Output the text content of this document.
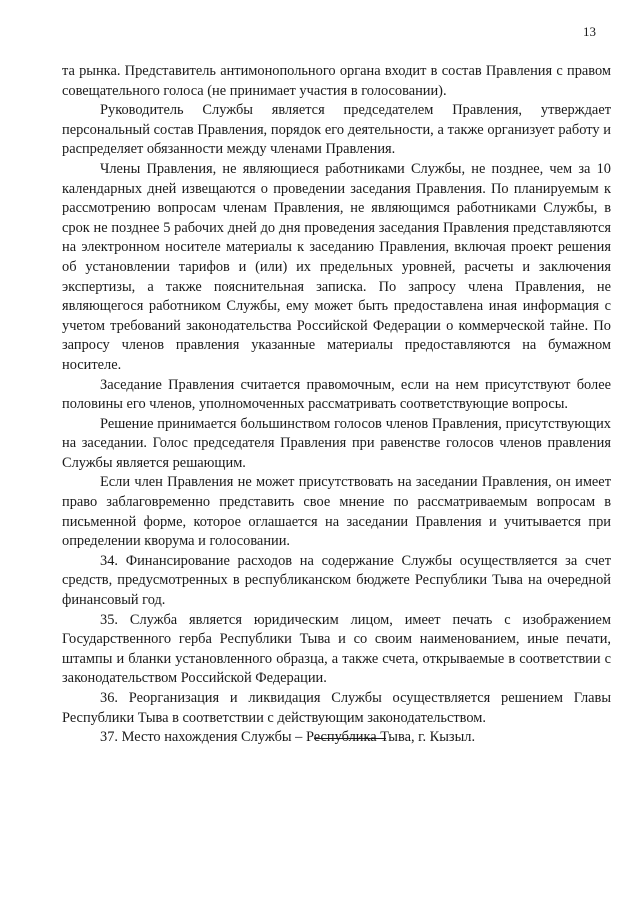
13

та рынка. Представитель антимонопольного органа входит в состав Правления с правом совещательного голоса (не принимает участия в голосовании).

Руководитель Службы является председателем Правления, утверждает персональный состав Правления, порядок его деятельности, а также организует работу и распределяет обязанности между членами Правления.

Члены Правления, не являющиеся работниками Службы, не позднее, чем за 10 календарных дней извещаются о проведении заседания Правления. По планируемым к рассмотрению вопросам членам Правления, не являющимся работниками Службы, в срок не позднее 5 рабочих дней до дня проведения заседания Правления представляются на электронном носителе материалы к заседанию Правления, включая проект решения об установлении тарифов и (или) их предельных уровней, расчеты и заключения экспертизы, а также пояснительная записка. По запросу члена Правления, не являющегося работником Службы, ему может быть предоставлена иная информация с учетом требований законодательства Российской Федерации о коммерческой тайне. По запросу членов правления указанные материалы предоставляются на бумажном носителе.

Заседание Правления считается правомочным, если на нем присутствуют более половины его членов, уполномоченных рассматривать соответствующие вопросы.

Решение принимается большинством голосов членов Правления, присутствующих на заседании. Голос председателя Правления при равенстве голосов членов правления Службы является решающим.

Если член Правления не может присутствовать на заседании Правления, он имеет право заблаговременно представить свое мнение по рассматриваемым вопросам в письменной форме, которое оглашается на заседании Правления и учитывается при определении кворума и голосовании.

34. Финансирование расходов на содержание Службы осуществляется за счет средств, предусмотренных в республиканском бюджете Республики Тыва на очередной финансовый год.

35. Служба является юридическим лицом, имеет печать с изображением Государственного герба Республики Тыва и со своим наименованием, иные печати, штампы и бланки установленного образца, а также счета, открываемые в соответствии с законодательством Российской Федерации.

36. Реорганизация и ликвидация Службы осуществляется решением Главы Республики Тыва в соответствии с действующим законодательством.

37. Место нахождения Службы – Республика Тыва, г. Кызыл.
